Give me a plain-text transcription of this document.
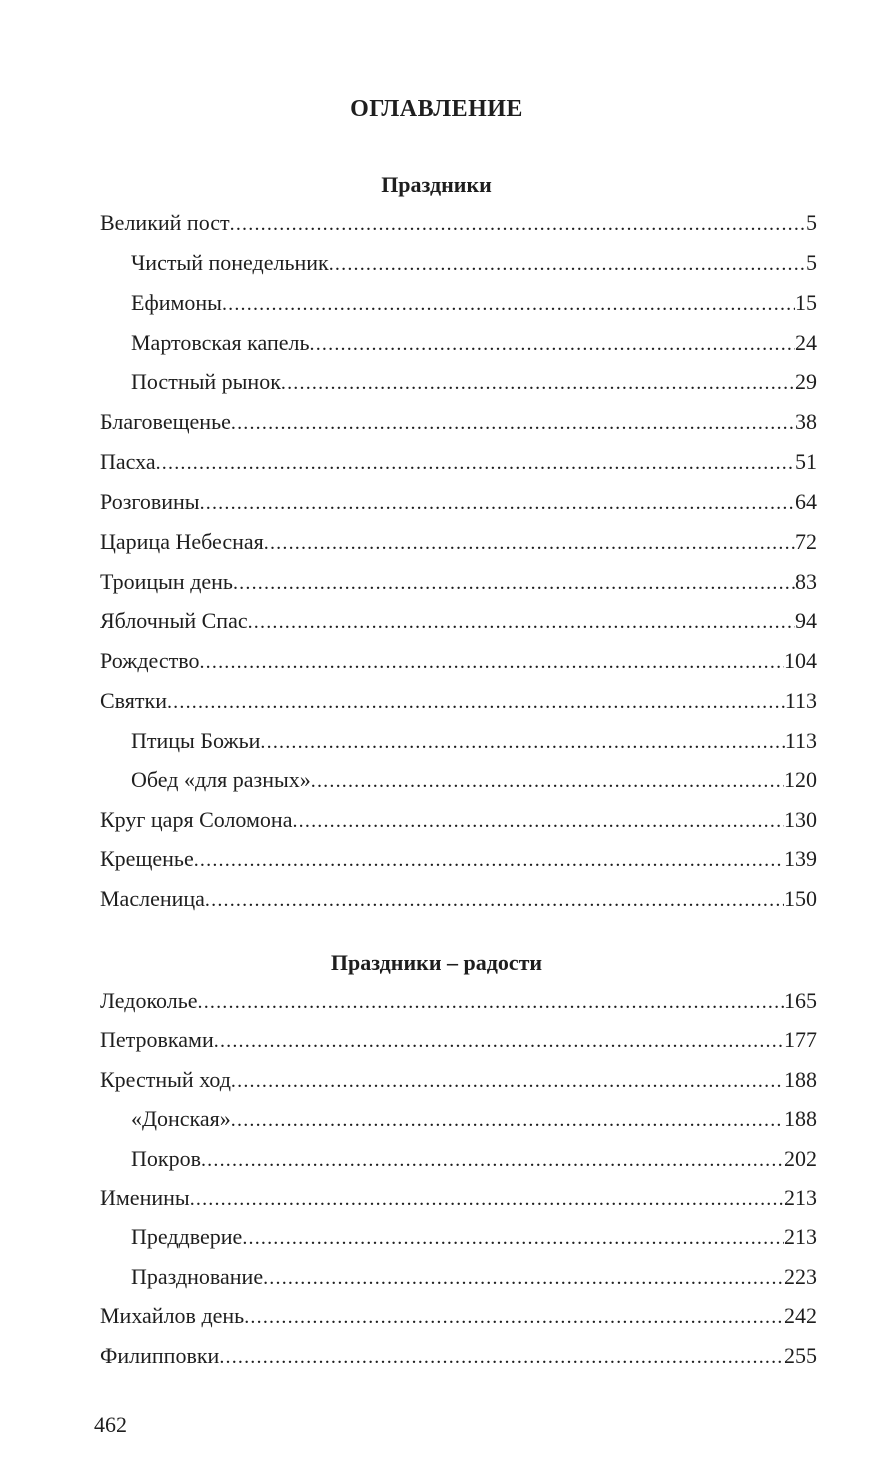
ОГЛАВЛЕНИЕ
Праздники
Великий пост .....	5
Чистый понедельник .....	5
Ефимоны .....	15
Мартовская капель .....	24
Постный рынок .....	29
Благовещенье .....	38
Пасха .....	51
Розговины .....	64
Царица Небесная .....	72
Троицын день .....	83
Яблочный Спас .....	94
Рождество .....	104
Святки .....	113
Птицы Божьи .....	113
Обед «для разных» .....	120
Круг царя Соломона .....	130
Крещенье .....	139
Масленица .....	150
Праздники – радости
Ледоколье .....	165
Петровками .....	177
Крестный ход .....	188
«Донская» .....	188
Покров .....	202
Именины .....	213
Преддверие .....	213
Празднование .....	223
Михайлов день .....	242
Филипповки .....	255
462
